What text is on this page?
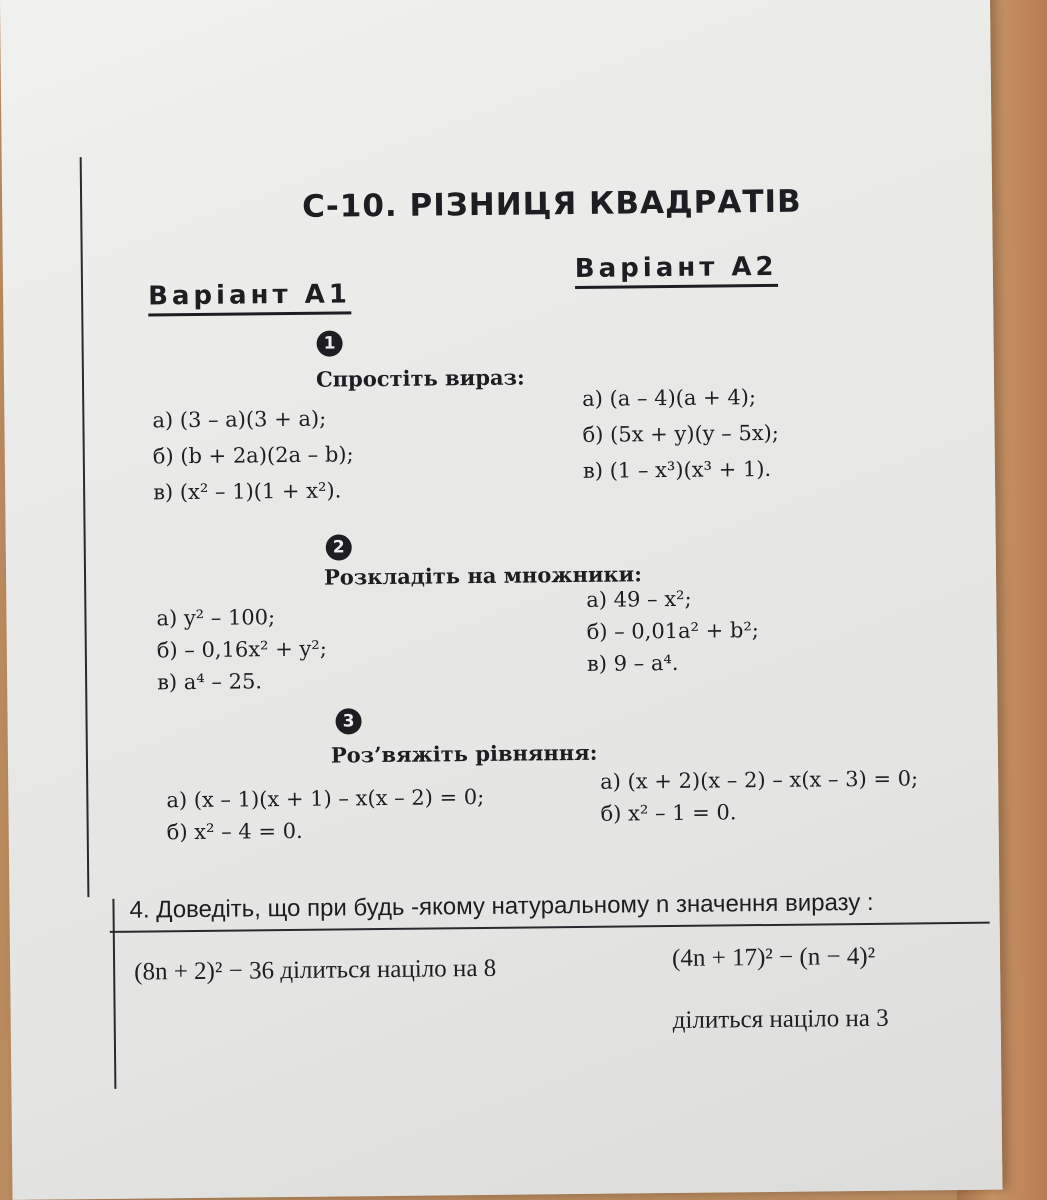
С-10. РІЗНИЦЯ КВАДРАТІВ
Варіант А1
Варіант А2
1
Спростіть вираз:
а) (3 – a)(3 + a);
б) (b + 2a)(2a – b);
в) (x² – 1)(1 + x²).
а) (a – 4)(a + 4);
б) (5x + y)(y – 5x);
в) (1 – x³)(x³ + 1).
2
Розкладіть на множники:
а) y² – 100;
б) – 0,16x² + y²;
в) a⁴ – 25.
а) 49 – x²;
б) – 0,01a² + b²;
в) 9 – a⁴.
3
Роз’вяжіть рівняння:
а) (x – 1)(x + 1) – x(x – 2) = 0;
б) x² – 4 = 0.
а) (x + 2)(x – 2) – x(x – 3) = 0;
б) x² – 1 = 0.
4. Доведіть, що при будь -якому натуральному n значення виразу :
(8n + 2)² − 36 ділиться націло на 8	(4n + 17)² − (n − 4)²
ділиться націло на 3
